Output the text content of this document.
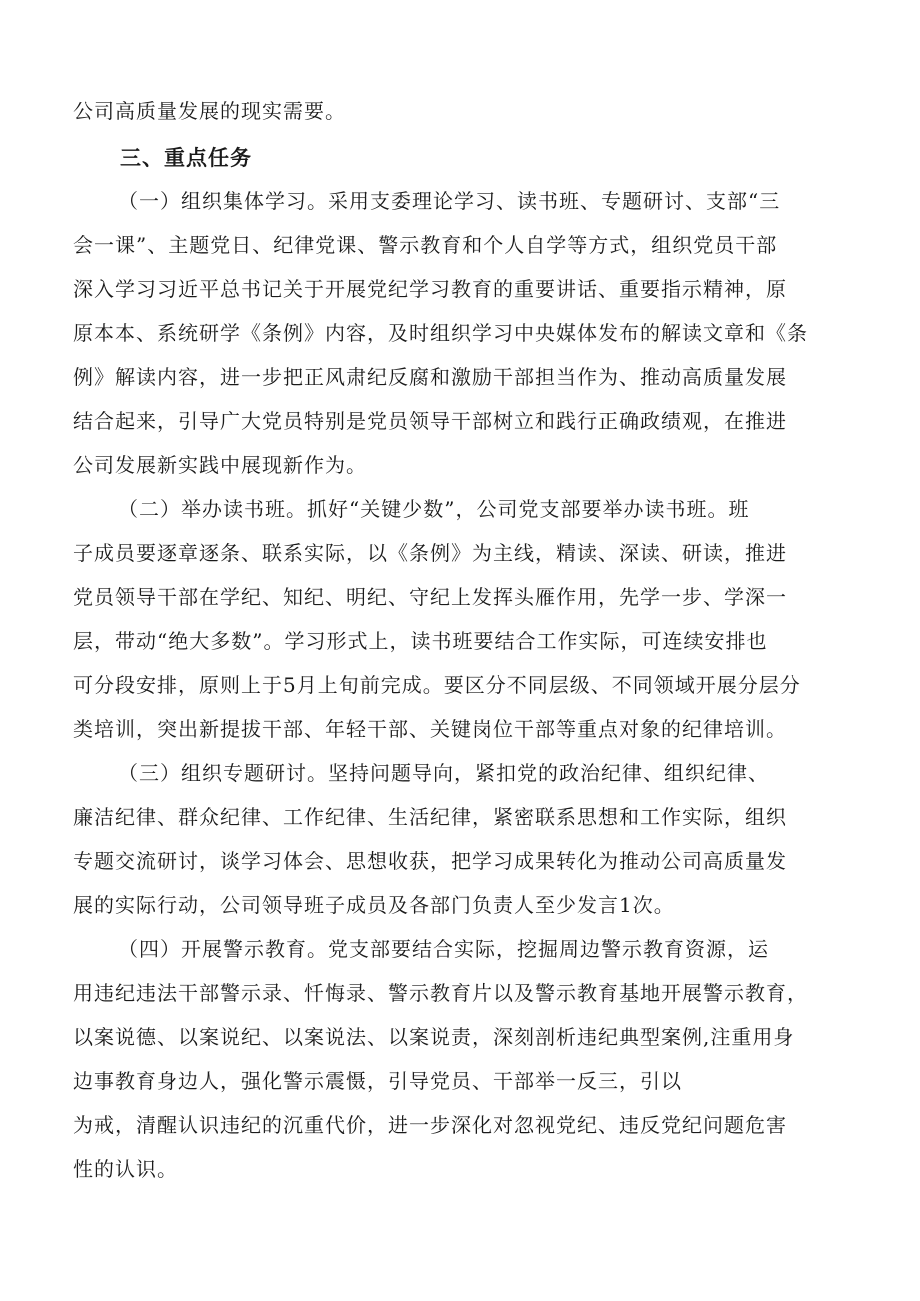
公司高质量发展的现实需要。
三、重点任务
（一）组织集体学习。采用支委理论学习、读书班、专题研讨、支部“三
会一课”、主题党日、纪律党课、警示教育和个人自学等方式，组织党员干部
深入学习习近平总书记关于开展党纪学习教育的重要讲话、重要指示精神，原
原本本、系统研学《条例》内容，及时组织学习中央媒体发布的解读文章和《条
例》解读内容，进一步把正风肃纪反腐和激励干部担当作为、推动高质量发展
结合起来，引导广大党员特别是党员领导干部树立和践行正确政绩观，在推进
公司发展新实践中展现新作为。
（二）举办读书班。抓好“关键少数”，公司党支部要举办读书班。班
子成员要逐章逐条、联系实际，以《条例》为主线，精读、深读、研读，推进
党员领导干部在学纪、知纪、明纪、守纪上发挥头雁作用，先学一步、学深一
层，带动“绝大多数”。学习形式上，读书班要结合工作实际，可连续安排也
可分段安排，原则上于5月上旬前完成。要区分不同层级、不同领域开展分层分
类培训，突出新提拔干部、年轻干部、关键岗位干部等重点对象的纪律培训。
（三）组织专题研讨。坚持问题导向，紧扣党的政治纪律、组织纪律、
廉洁纪律、群众纪律、工作纪律、生活纪律，紧密联系思想和工作实际，组织
专题交流研讨，谈学习体会、思想收获，把学习成果转化为推动公司高质量发
展的实际行动，公司领导班子成员及各部门负责人至少发言1次。
（四）开展警示教育。党支部要结合实际，挖掘周边警示教育资源，运
用违纪违法干部警示录、忏悔录、警示教育片以及警示教育基地开展警示教育，
以案说德、以案说纪、以案说法、以案说责，深刻剖析违纪典型案例,注重用身
边事教育身边人，强化警示震慑，引导党员、干部举一反三，引以
为戒，清醒认识违纪的沉重代价，进一步深化对忽视党纪、违反党纪问题危害
性的认识。
